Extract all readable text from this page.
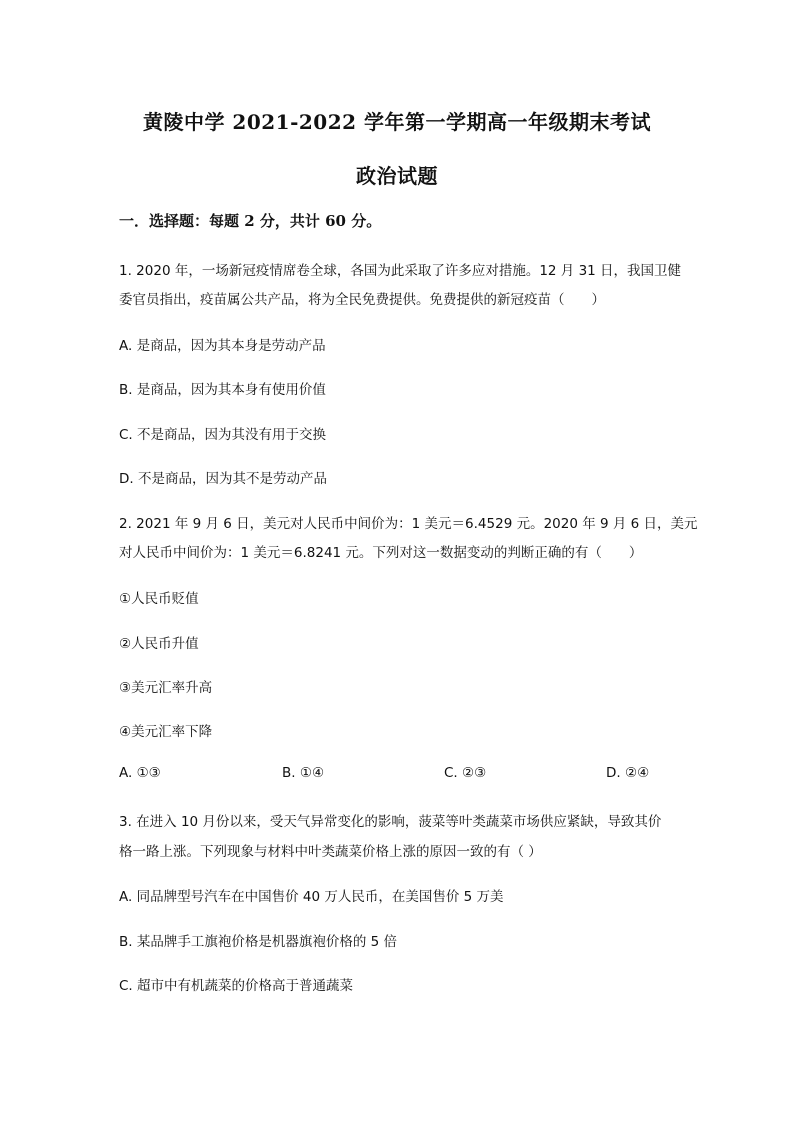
黄陵中学 2021-2022 学年第一学期高一年级期末考试
政治试题
一．选择题：每题 2 分，共计 60 分。
1. 2020 年，一场新冠疫情席卷全球，各国为此采取了许多应对措施。12 月 31 日，我国卫健
委官员指出，疫苗属公共产品，将为全民免费提供。免费提供的新冠疫苗（　　）
A. 是商品，因为其本身是劳动产品
B. 是商品，因为其本身有使用价值
C. 不是商品，因为其没有用于交换
D. 不是商品，因为其不是劳动产品
2. 2021 年 9 月 6 日，美元对人民币中间价为：1 美元＝6.4529 元。2020 年 9 月 6 日，美元
对人民币中间价为：1 美元＝6.8241 元。下列对这一数据变动的判断正确的有（　　）
①人民币贬值
②人民币升值
③美元汇率升高
④美元汇率下降
A. ①③	B. ①④	C. ②③	D. ②④
3. 在进入 10 月份以来，受天气异常变化的影响，菠菜等叶类蔬菜市场供应紧缺，导致其价
格一路上涨。下列现象与材料中叶类蔬菜价格上涨的原因一致的有（ ）
A. 同品牌型号汽车在中国售价 40 万人民币，在美国售价 5 万美
B. 某品牌手工旗袍价格是机器旗袍价格的 5 倍
C. 超市中有机蔬菜的价格高于普通蔬菜
